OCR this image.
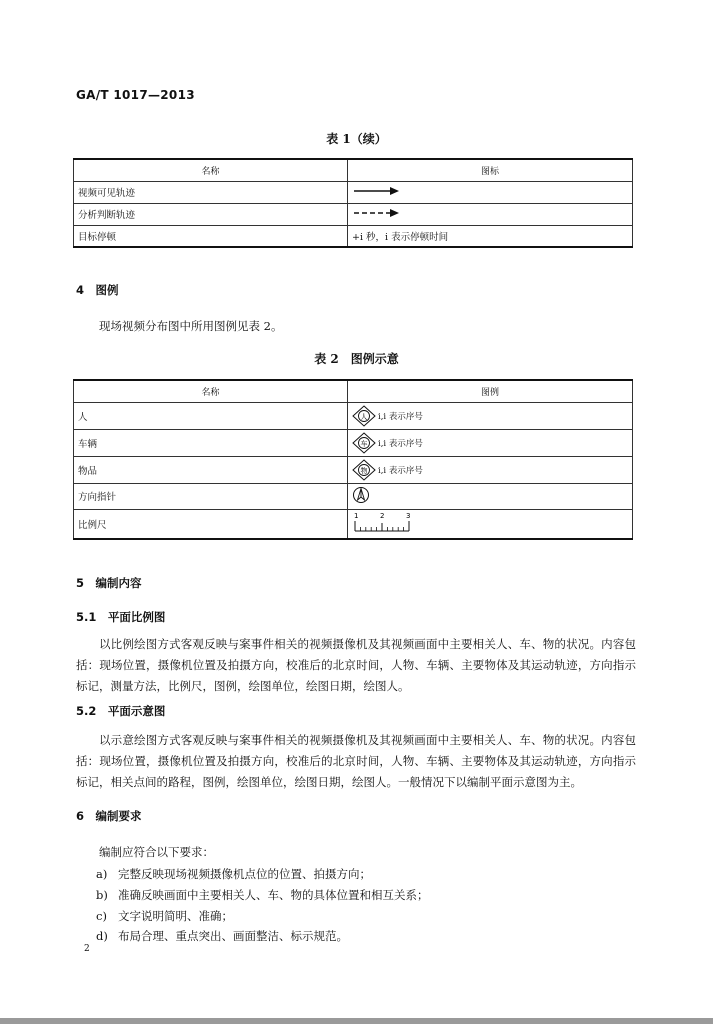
GA/T 1017—2013
表 1（续）
名称	图标
视频可见轨迹	
分析判断轨迹	
目标停顿	+i 秒，i 表示停顿时间
4　图例
现场视频分布图中所用图例见表 2。
表 2　图例示意
名称	图例
人	人 i,i 表示序号

车辆	车 i,i 表示序号

物品	物 i,i 表示序号

方向指针	
比例尺	1 2 3
5　编制内容
5.1　平面比例图
以比例绘图方式客观反映与案事件相关的视频摄像机及其视频画面中主要相关人、车、物的状况。内容包括：现场位置，摄像机位置及拍摄方向，校准后的北京时间，人物、车辆、主要物体及其运动轨迹，方向指示标记，测量方法，比例尺，图例，绘图单位，绘图日期，绘图人。
5.2　平面示意图
以示意绘图方式客观反映与案事件相关的视频摄像机及其视频画面中主要相关人、车、物的状况。内容包括：现场位置，摄像机位置及拍摄方向，校准后的北京时间，人物、车辆、主要物体及其运动轨迹，方向指示标记，相关点间的路程，图例，绘图单位，绘图日期，绘图人。一般情况下以编制平面示意图为主。
6　编制要求
编制应符合以下要求：
a) 完整反映现场视频摄像机点位的位置、拍摄方向；
b) 准确反映画面中主要相关人、车、物的具体位置和相互关系；
c) 文字说明简明、准确；
d) 布局合理、重点突出、画面整洁、标示规范。
2
